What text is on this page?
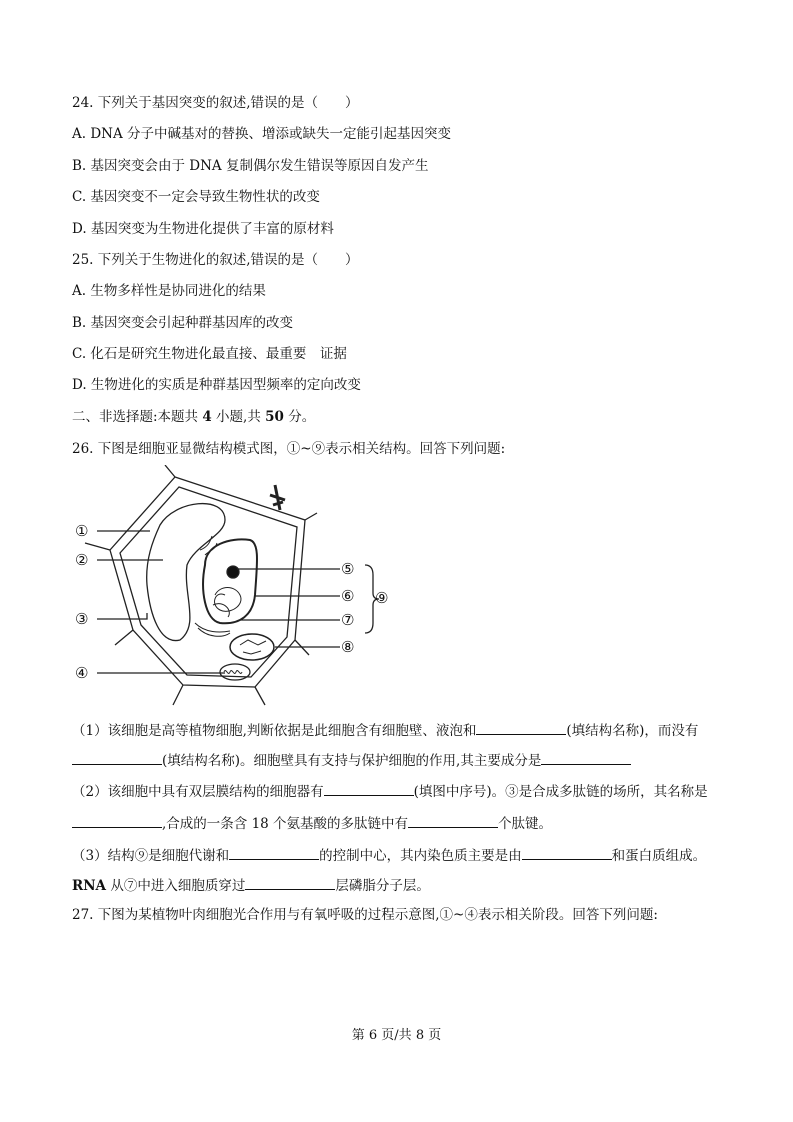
24. 下列关于基因突变的叙述,错误的是（　　）
A. DNA 分子中碱基对的替换、增添或缺失一定能引起基因突变
B. 基因突变会由于 DNA 复制偶尔发生错误等原因自发产生
C. 基因突变不一定会导致生物性状的改变
D. 基因突变为生物进化提供了丰富的原材料
25. 下列关于生物进化的叙述,错误的是（　　）
A. 生物多样性是协同进化的结果
B. 基因突变会引起种群基因库的改变
C. 化石是研究生物进化最直接、最重要　证据
D. 生物进化的实质是种群基因型频率的定向改变
二、非选择题:本题共 4 小题,共 50 分。
26. 下图是细胞亚显微结构模式图，①~⑨表示相关结构。回答下列问题:
①
②
③
④
⑤
⑥
⑦
⑧
⑨
（1）该细胞是高等植物细胞,判断依据是此细胞含有细胞壁、液泡和	(填结构名称)，而没有
(填结构名称)。细胞壁具有支持与保护细胞的作用,其主要成分是
（2）该细胞中具有双层膜结构的细胞器有	(填图中序号)。③是合成多肽链的场所，其名称是
,合成的一条含 18 个氨基酸的多肽链中有	个肽键。
（3）结构⑨是细胞代谢和	的控制中心，其内染色质主要是由	和蛋白质组成。
RNA 从⑦中进入细胞质穿过	层磷脂分子层。
27. 下图为某植物叶肉细胞光合作用与有氧呼吸的过程示意图,①~④表示相关阶段。回答下列问题:
第 6 页/共 8 页
